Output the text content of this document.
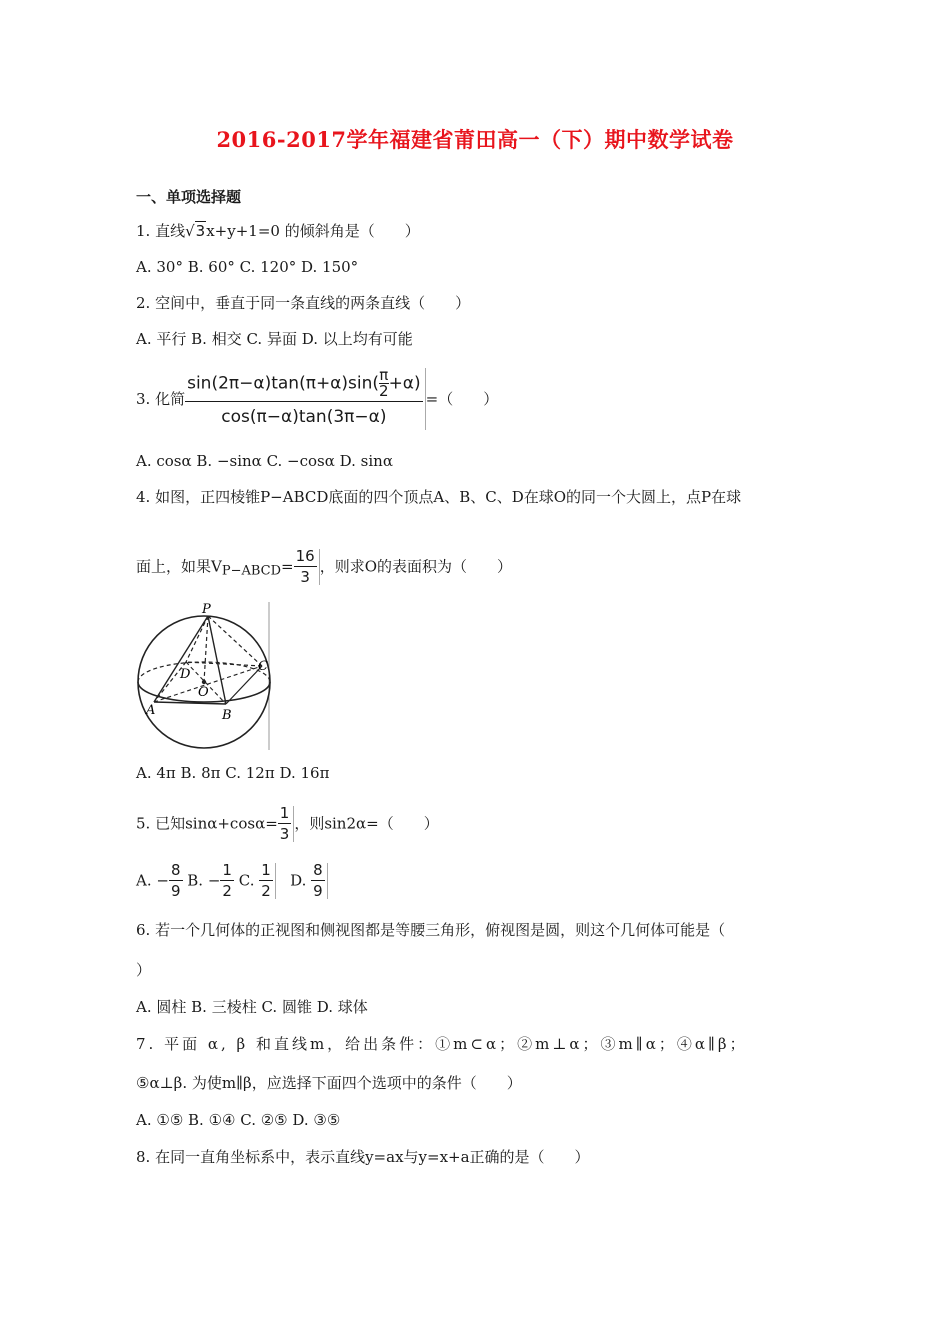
2016-2017学年福建省莆田高一（下）期中数学试卷
一、单项选择题
1. 直线√3x+y+1=0 的倾斜角是（　　）
A. 30° B. 60° C. 120° D. 150°
2. 空间中，垂直于同一条直线的两条直线（　　）
A. 平行 B. 相交 C. 异面 D. 以上均有可能
3. 化简 $\frac{\sin(2\pi-\alpha)\tan(\pi+\alpha)\sin( \frac{\pi}{2} +\alpha)}{\cos(\pi-\alpha)\tan(3\pi-\alpha)}$ =（　　）
A. cosα B. −sinα C. −cosα D. sinα
4. 如图，正四棱锥P−ABCD底面的四个顶点A、B、C、D在球O的同一个大圆上，点P在球
面上，如果$V_{P-ABCD}= \frac{16}{3}$ ，则求O的表面积为（　　）
P
D
C
O
A	B
A. 4π B. 8π C. 12π D. 16π
5. 已知$\sin\alpha+\cos\alpha= \frac{1}{3}$ ，则sin2α=（　　）
A. − $\frac{8}{9} B$. − $\frac{1}{2} C$. $\frac{1}{2} D$. $\frac{8}{9}$
6. 若一个几何体的正视图和侧视图都是等腰三角形，俯视图是圆，则这个几何体可能是（
）
A. 圆柱 B. 三棱柱 C. 圆锥 D. 球体
7. 平面 α, β 和直线m，给出条件：①m⊂α；②m⊥α；③m∥α；④α∥β；
⑤α⊥β. 为使m∥β，应选择下面四个选项中的条件（　　）
A. ①⑤ B. ①④ C. ②⑤ D. ③⑤
8. 在同一直角坐标系中，表示直线y=ax与y=x+a正确的是（　　）
